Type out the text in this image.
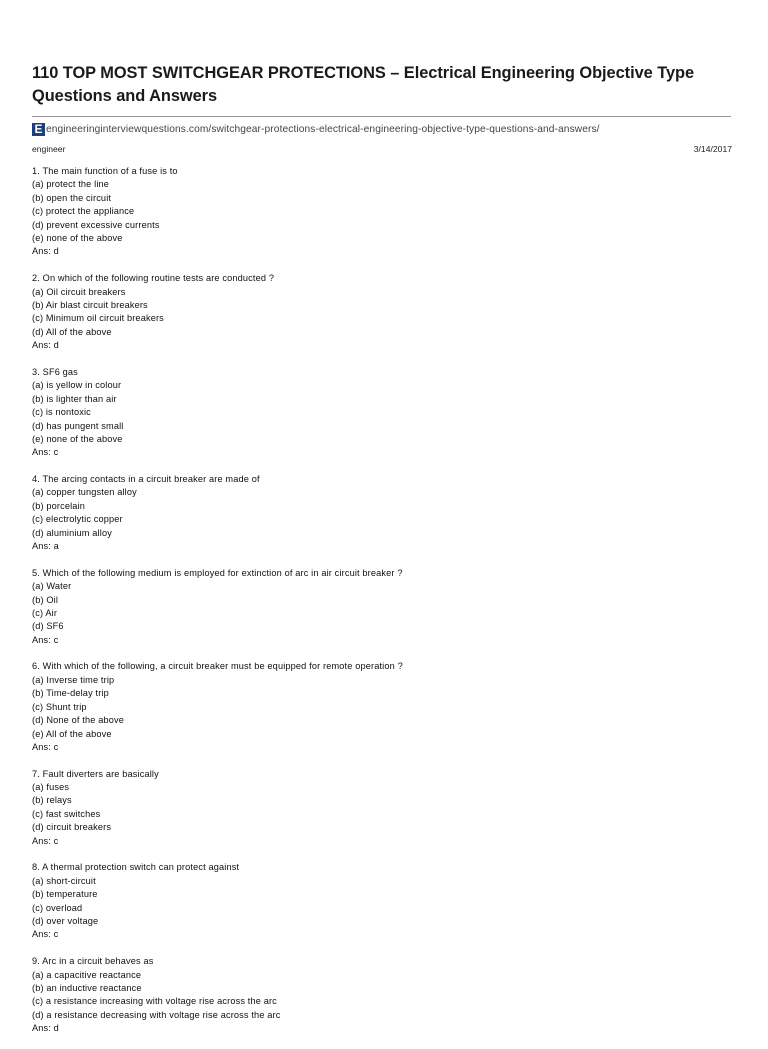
110 TOP MOST SWITCHGEAR PROTECTIONS – Electrical Engineering Objective Type Questions and Answers
E engineeringinterviewquestions.com/switchgear-protections-electrical-engineering-objective-type-questions-and-answers/
engineer	3/14/2017
1. The main function of a fuse is to
(a) protect the line
(b) open the circuit
(c) protect the appliance
(d) prevent excessive currents
(e) none of the above
Ans: d
2. On which of the following routine tests are conducted ?
(a) Oil circuit breakers
(b) Air blast circuit breakers
(c) Minimum oil circuit breakers
(d) All of the above
Ans: d
3. SF6 gas
(a) is yellow in colour
(b) is lighter than air
(c) is nontoxic
(d) has pungent small
(e) none of the above
Ans: c
4. The arcing contacts in a circuit breaker are made of
(a) copper tungsten alloy
(b) porcelain
(c) electrolytic copper
(d) aluminium alloy
Ans: a
5. Which of the following medium is employed for extinction of arc in air circuit breaker ?
(a) Water
(b) Oil
(c) Air
(d) SF6
Ans: c
6. With which of the following, a circuit breaker must be equipped for remote operation ?
(a) Inverse time trip
(b) Time-delay trip
(c) Shunt trip
(d) None of the above
(e) All of the above
Ans: c
7. Fault diverters are basically
(a) fuses
(b) relays
(c) fast switches
(d) circuit breakers
Ans: c
8. A thermal protection switch can protect against
(a) short-circuit
(b) temperature
(c) overload
(d) over voltage
Ans: c
9. Arc in a circuit behaves as
(a) a capacitive reactance
(b) an inductive reactance
(c) a resistance increasing with voltage rise across the arc
(d) a resistance decreasing with voltage rise across the arc
Ans: d
